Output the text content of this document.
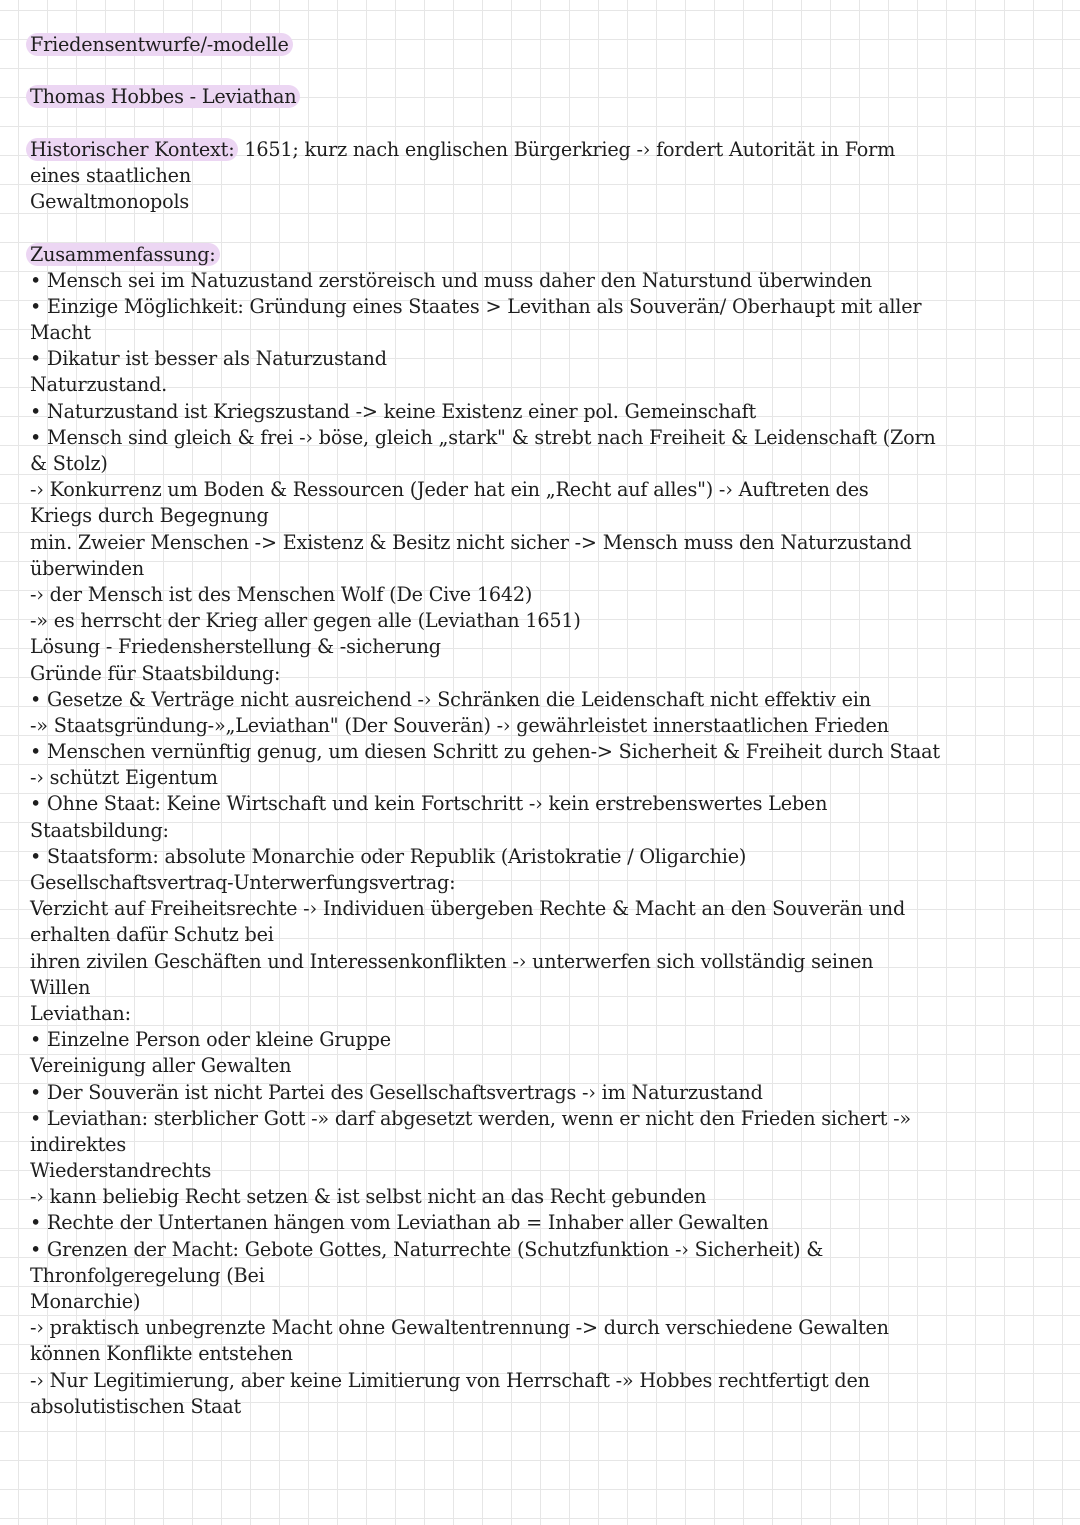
Friedensentwurfe/-modelle
Thomas Hobbes - Leviathan
Historischer Kontext: 1651; kurz nach englischen Bürgerkrieg -› fordert Autorität in Form
eines staatlichen
Gewaltmonopols
Zusammenfassung:
• Mensch sei im Natuzustand zerstöreisch und muss daher den Naturstund überwinden
• Einzige Möglichkeit: Gründung eines Staates > Levithan als Souverän/ Oberhaupt mit aller
Macht
• Dikatur ist besser als Naturzustand
Naturzustand.
• Naturzustand ist Kriegszustand -> keine Existenz einer pol. Gemeinschaft
• Mensch sind gleich & frei -› böse, gleich „stark" & strebt nach Freiheit & Leidenschaft (Zorn
& Stolz)
-› Konkurrenz um Boden & Ressourcen (Jeder hat ein „Recht auf alles") -› Auftreten des
Kriegs durch Begegnung
min. Zweier Menschen -> Existenz & Besitz nicht sicher -> Mensch muss den Naturzustand
überwinden
-› der Mensch ist des Menschen Wolf (De Cive 1642)
-» es herrscht der Krieg aller gegen alle (Leviathan 1651)
Lösung - Friedensherstellung & -sicherung
Gründe für Staatsbildung:
• Gesetze & Verträge nicht ausreichend -› Schränken die Leidenschaft nicht effektiv ein
-» Staatsgründung-»„Leviathan" (Der Souverän) -› gewährleistet innerstaatlichen Frieden
• Menschen vernünftig genug, um diesen Schritt zu gehen-> Sicherheit & Freiheit durch Staat
-› schützt Eigentum
• Ohne Staat: Keine Wirtschaft und kein Fortschritt -› kein erstrebenswertes Leben
Staatsbildung:
• Staatsform: absolute Monarchie oder Republik (Aristokratie / Oligarchie)
Gesellschaftsvertraq-Unterwerfungsvertrag:
Verzicht auf Freiheitsrechte -› Individuen übergeben Rechte & Macht an den Souverän und
erhalten dafür Schutz bei
ihren zivilen Geschäften und Interessenkonflikten -› unterwerfen sich vollständig seinen
Willen
Leviathan:
• Einzelne Person oder kleine Gruppe
Vereinigung aller Gewalten
• Der Souverän ist nicht Partei des Gesellschaftsvertrags -› im Naturzustand
• Leviathan: sterblicher Gott -» darf abgesetzt werden, wenn er nicht den Frieden sichert -»
indirektes
Wiederstandrechts
-› kann beliebig Recht setzen & ist selbst nicht an das Recht gebunden
• Rechte der Untertanen hängen vom Leviathan ab = Inhaber aller Gewalten
• Grenzen der Macht: Gebote Gottes, Naturrechte (Schutzfunktion -› Sicherheit) &
Thronfolgeregelung (Bei
Monarchie)
-› praktisch unbegrenzte Macht ohne Gewaltentrennung -> durch verschiedene Gewalten
können Konflikte entstehen
-› Nur Legitimierung, aber keine Limitierung von Herrschaft -» Hobbes rechtfertigt den
absolutistischen Staat
